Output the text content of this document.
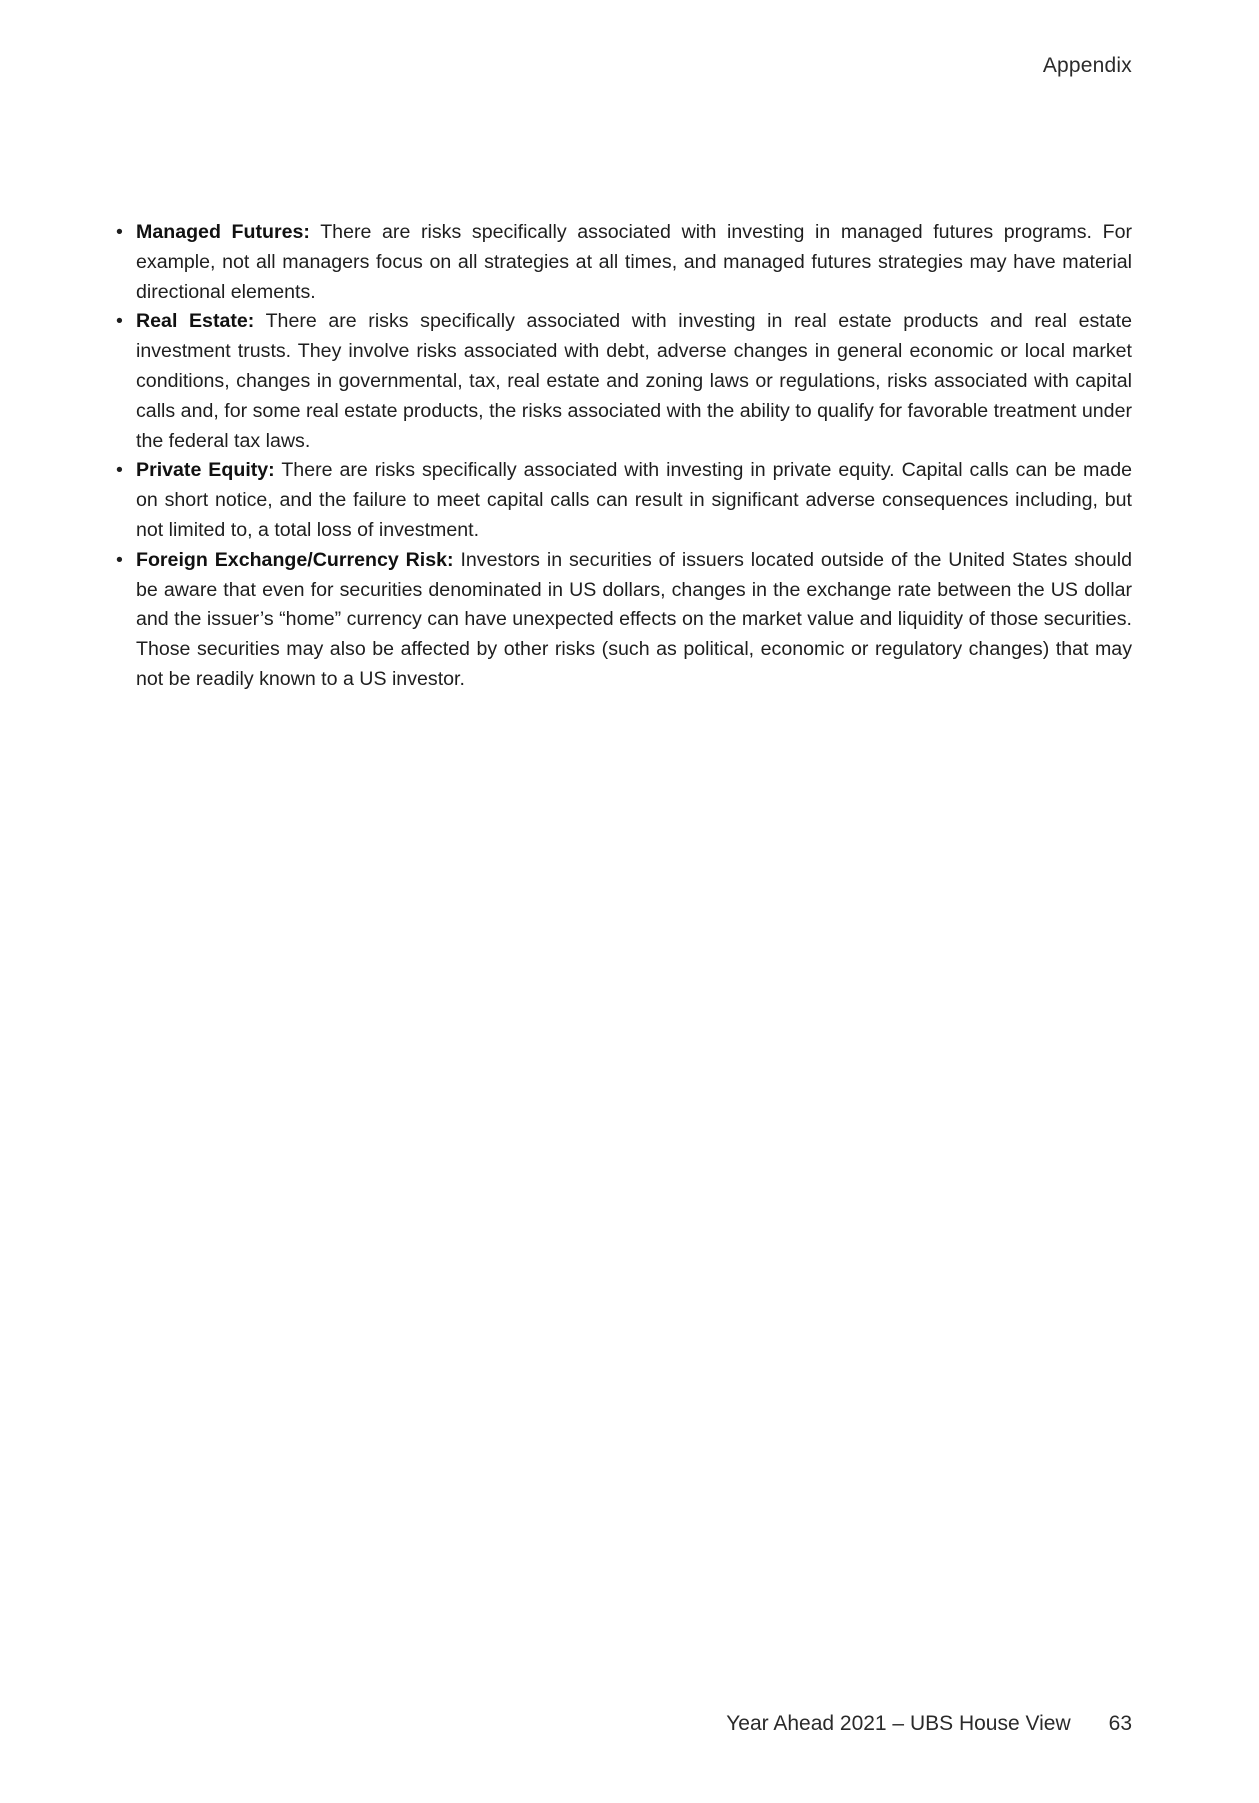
Appendix
• Managed Futures: There are risks specifically associated with investing in managed futures programs. For example, not all managers focus on all strategies at all times, and managed futures strategies may have material directional elements.
• Real Estate: There are risks specifically associated with investing in real estate products and real estate investment trusts. They involve risks associated with debt, adverse changes in general economic or local market conditions, changes in governmental, tax, real estate and zoning laws or regulations, risks associated with capital calls and, for some real estate products, the risks associated with the ability to qualify for favorable treatment under the federal tax laws.
• Private Equity: There are risks specifically associated with investing in private equity. Capital calls can be made on short notice, and the failure to meet capital calls can result in significant adverse consequences including, but not limited to, a total loss of investment.
• Foreign Exchange/Currency Risk: Investors in securities of issuers located outside of the United States should be aware that even for securities denominated in US dollars, changes in the exchange rate between the US dollar and the issuer’s “home” currency can have unexpected effects on the market value and liquidity of those securities. Those securities may also be affected by other risks (such as political, economic or regulatory changes) that may not be readily known to a US investor.
Year Ahead 2021 – UBS House View 63
